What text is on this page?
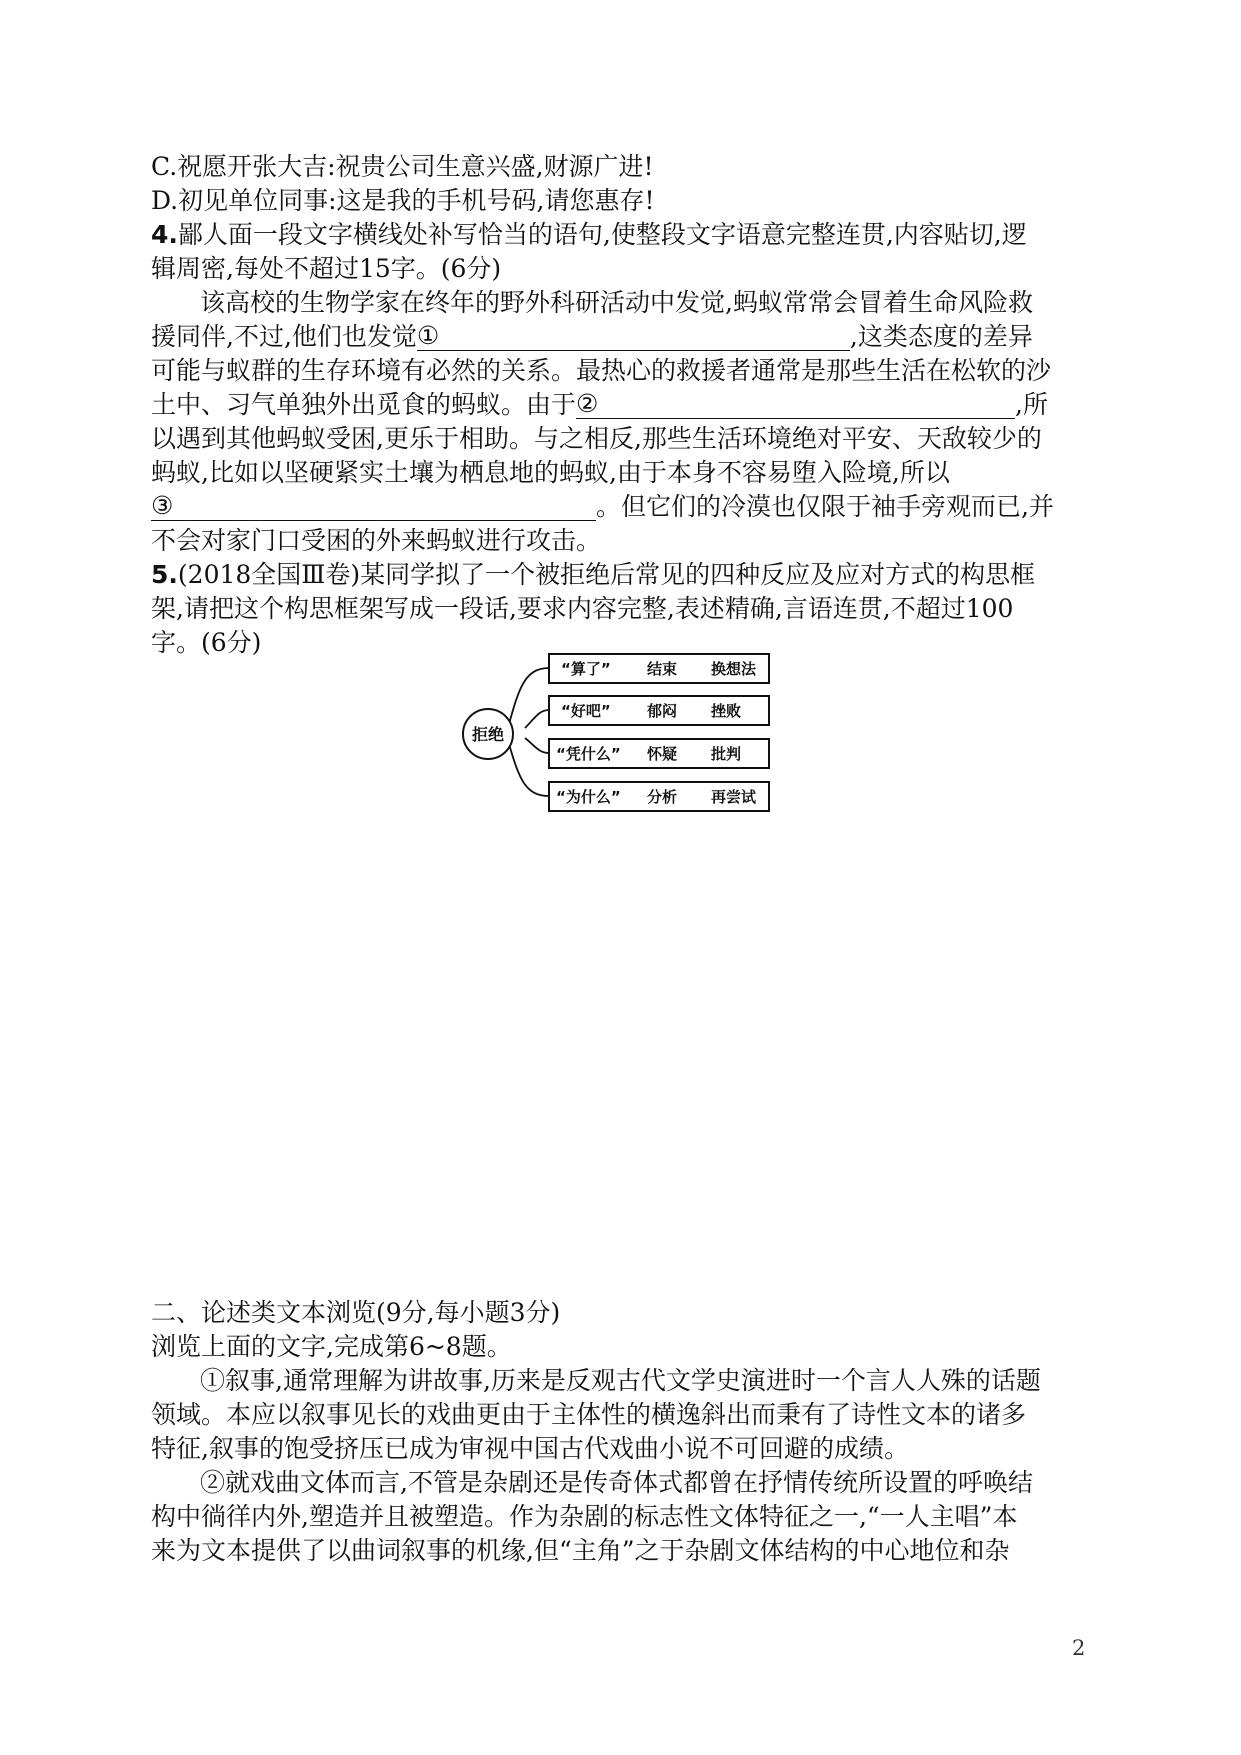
C.祝愿开张大吉:祝贵公司生意兴盛,财源广进!
D.初见单位同事:这是我的手机号码,请您惠存!
4.鄙人面一段文字横线处补写恰当的语句,使整段文字语意完整连贯,内容贴切,逻
辑周密,每处不超过15字。(6分)
该高校的生物学家在终年的野外科研活动中发觉,蚂蚁常常会冒着生命风险救
援同伴,不过,他们也发觉 ①	,这类态度的差异
可能与蚁群的生存环境有必然的关系。最热心的救援者通常是那些生活在松软的沙
土中、习气单独外出觅食的蚂蚁。由于 ②	,所
以遇到其他蚂蚁受困,更乐于相助。与之相反,那些生活环境绝对平安、天敌较少的
蚂蚁,比如以坚硬紧实土壤为栖息地的蚂蚁,由于本身不容易堕入险境,所以
③	。但它们的冷漠也仅限于袖手旁观而已,并
不会对家门口受困的外来蚂蚁进行攻击。
5.(2018全国Ⅲ卷)某同学拟了一个被拒绝后常见的四种反应及应对方式的构思框
架,请把这个构思框架写成一段话,要求内容完整,表述精确,言语连贯,不超过100
字。(6分)
拒绝
“算了” 结束 换想法
“好吧” 郁闷 挫败
“凭什么” 怀疑 批判
“为什么” 分析 再尝试
二、论述类文本浏览(9分,每小题3分)
浏览上面的文字,完成第6~8题。
①叙事,通常理解为讲故事,历来是反观古代文学史演进时一个言人人殊的话题
领域。本应以叙事见长的戏曲更由于主体性的横逸斜出而秉有了诗性文本的诸多
特征,叙事的饱受挤压已成为审视中国古代戏曲小说不可回避的成绩。
②就戏曲文体而言,不管是杂剧还是传奇体式都曾在抒情传统所设置的呼唤结
构中徜徉内外,塑造并且被塑造。作为杂剧的标志性文体特征之一,“一人主唱”本
来为文本提供了以曲词叙事的机缘,但“主角”之于杂剧文体结构的中心地位和杂
2
